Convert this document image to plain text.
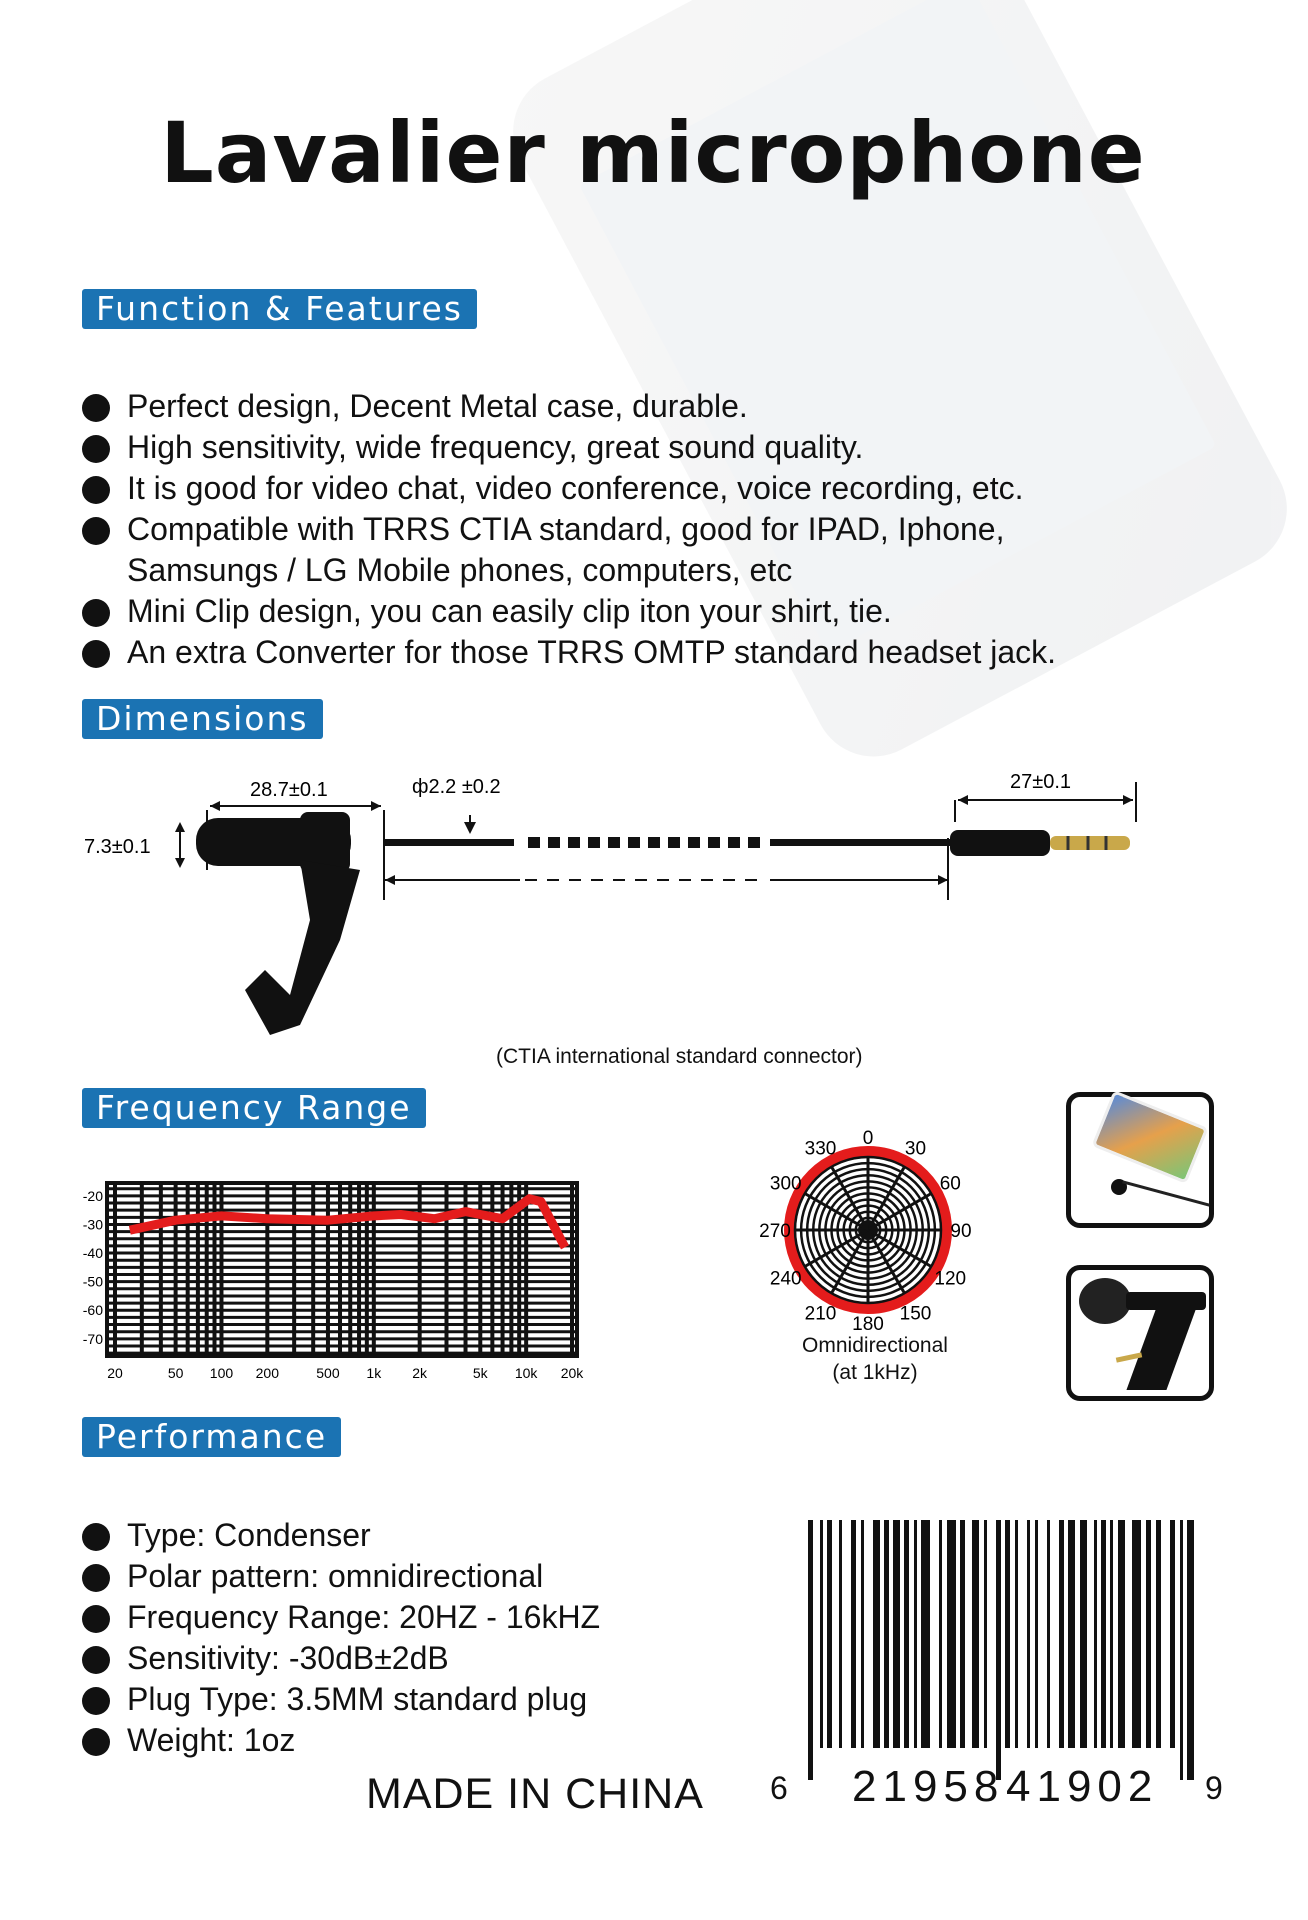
Lavalier microphone
Function & Features
Perfect design, Decent Metal case, durable.
High sensitivity, wide frequency, great sound quality.
It is good for video chat, video conference, voice recording, etc.
Compatible with TRRS CTIA standard, good for IPAD, Iphone,
Samsungs / LG Mobile phones, computers, etc
Mini Clip design, you can easily clip iton your shirt, tie.
An extra Converter for those TRRS OMTP standard headset jack.
Dimensions
28.7±0.1	ф2.2 ±0.2	27±0.1
7.3±0.1
(CTIA international standard connector)
Frequency Range
-20
-30
-40
-50
-60
-70
20	50 100 200	500 1k 2k	5k 10k 20k
0
30
60
90
120
150
180
210
240
270
300
330
Omnidirectional
(at 1kHz)
Performance
Type: Condenser
Polar pattern: omnidirectional
Frequency Range: 20HZ - 16kHZ
Sensitivity: -30dB±2dB
Plug Type: 3.5MM standard plug
Weight: 1oz
MADE IN CHINA 6 21958 41902 9
